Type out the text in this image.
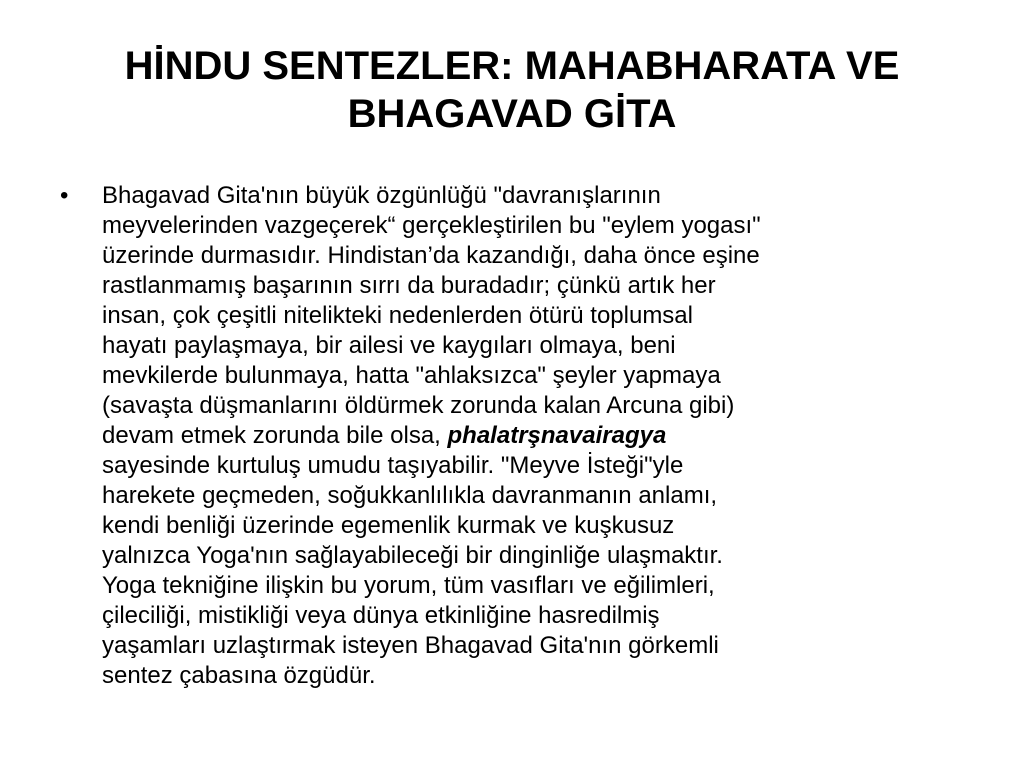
HİNDU SENTEZLER: MAHABHARATA VE
BHAGAVAD GİTA
• Bhagavad Gita'nın büyük özgünlüğü "davranışlarının
meyvelerinden vazgeçerek“ gerçekleştirilen bu "eylem yogası"
üzerinde durmasıdır. Hindistan’da kazandığı, daha önce eşine
rastlanmamış başarının sırrı da buradadır; çünkü artık her
insan, çok çeşitli nitelikteki nedenlerden ötürü toplumsal
hayatı paylaşmaya, bir ailesi ve kaygıları olmaya, beni
mevkilerde bulunmaya, hatta "ahlaksızca" şeyler yapmaya
(savaşta düşmanlarını öldürmek zorunda kalan Arcuna gibi)
devam etmek zorunda bile olsa, phalatrşnavairagya
sayesinde kurtuluş umudu taşıyabilir. "Meyve İsteği"yle
harekete geçmeden, soğukkanlılıkla davranmanın anlamı,
kendi benliği üzerinde egemenlik kurmak ve kuşkusuz
yalnızca Yoga'nın sağlayabileceği bir dinginliğe ulaşmaktır.
Yoga tekniğine ilişkin bu yorum, tüm vasıfları ve eğilimleri,
çileciliği, mistikliği veya dünya etkinliğine hasredilmiş
yaşamları uzlaştırmak isteyen Bhagavad Gita'nın görkemli
sentez çabasına özgüdür.
